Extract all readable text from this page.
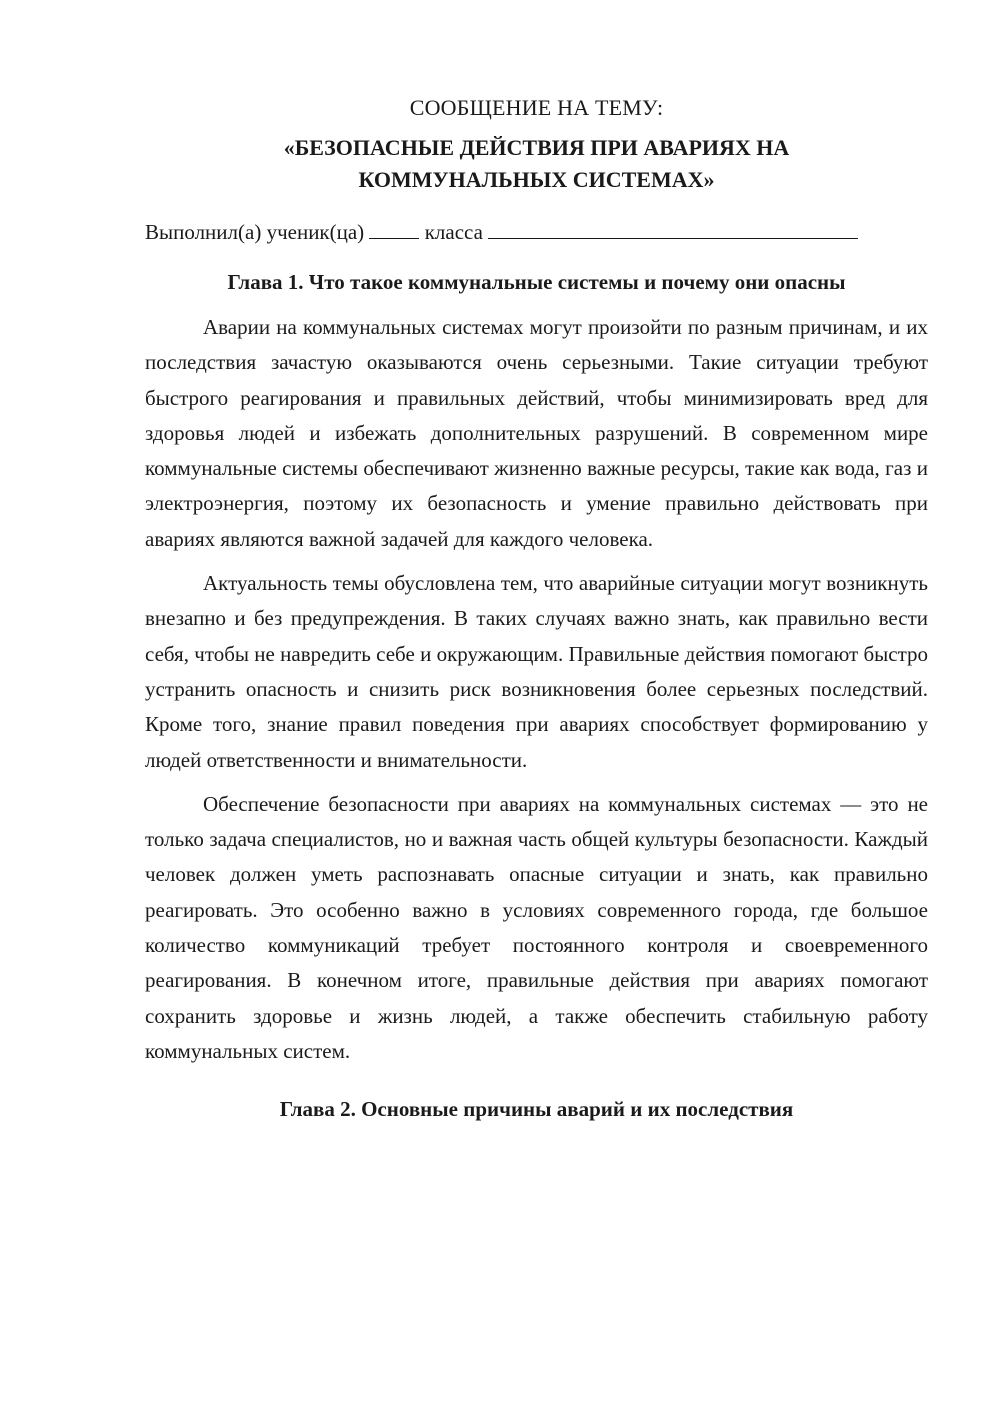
СООБЩЕНИЕ НА ТЕМУ:
«БЕЗОПАСНЫЕ ДЕЙСТВИЯ ПРИ АВАРИЯХ НА
КОММУНАЛЬНЫХ СИСТЕМАХ»
Выполнил(а) ученик(ца)	класса
Глава 1. Что такое коммунальные системы и почему они опасны

Аварии на коммунальных системах могут произойти по разным причинам, и их последствия зачастую оказываются очень серьезными. Такие ситуации требуют быстрого реагирования и правильных действий, чтобы минимизировать вред для здоровья людей и избежать дополнительных разрушений. В современном мире коммунальные системы обеспечивают жизненно важные ресурсы, такие как вода, газ и электроэнергия, поэтому их безопасность и умение правильно действовать при авариях являются важной задачей для каждого человека.

Актуальность темы обусловлена тем, что аварийные ситуации могут возникнуть внезапно и без предупреждения. В таких случаях важно знать, как правильно вести себя, чтобы не навредить себе и окружающим. Правильные действия помогают быстро устранить опасность и снизить риск возникновения более серьезных последствий. Кроме того, знание правил поведения при авариях способствует формированию у людей ответственности и внимательности.

Обеспечение безопасности при авариях на коммунальных системах — это не только задача специалистов, но и важная часть общей культуры безопасности. Каждый человек должен уметь распознавать опасные ситуации и знать, как правильно реагировать. Это особенно важно в условиях современного города, где большое количество коммуникаций требует постоянного контроля и своевременного реагирования. В конечном итоге, правильные действия при авариях помогают сохранить здоровье и жизнь людей, а также обеспечить стабильную работу коммунальных систем.

Глава 2. Основные причины аварий и их последствия
